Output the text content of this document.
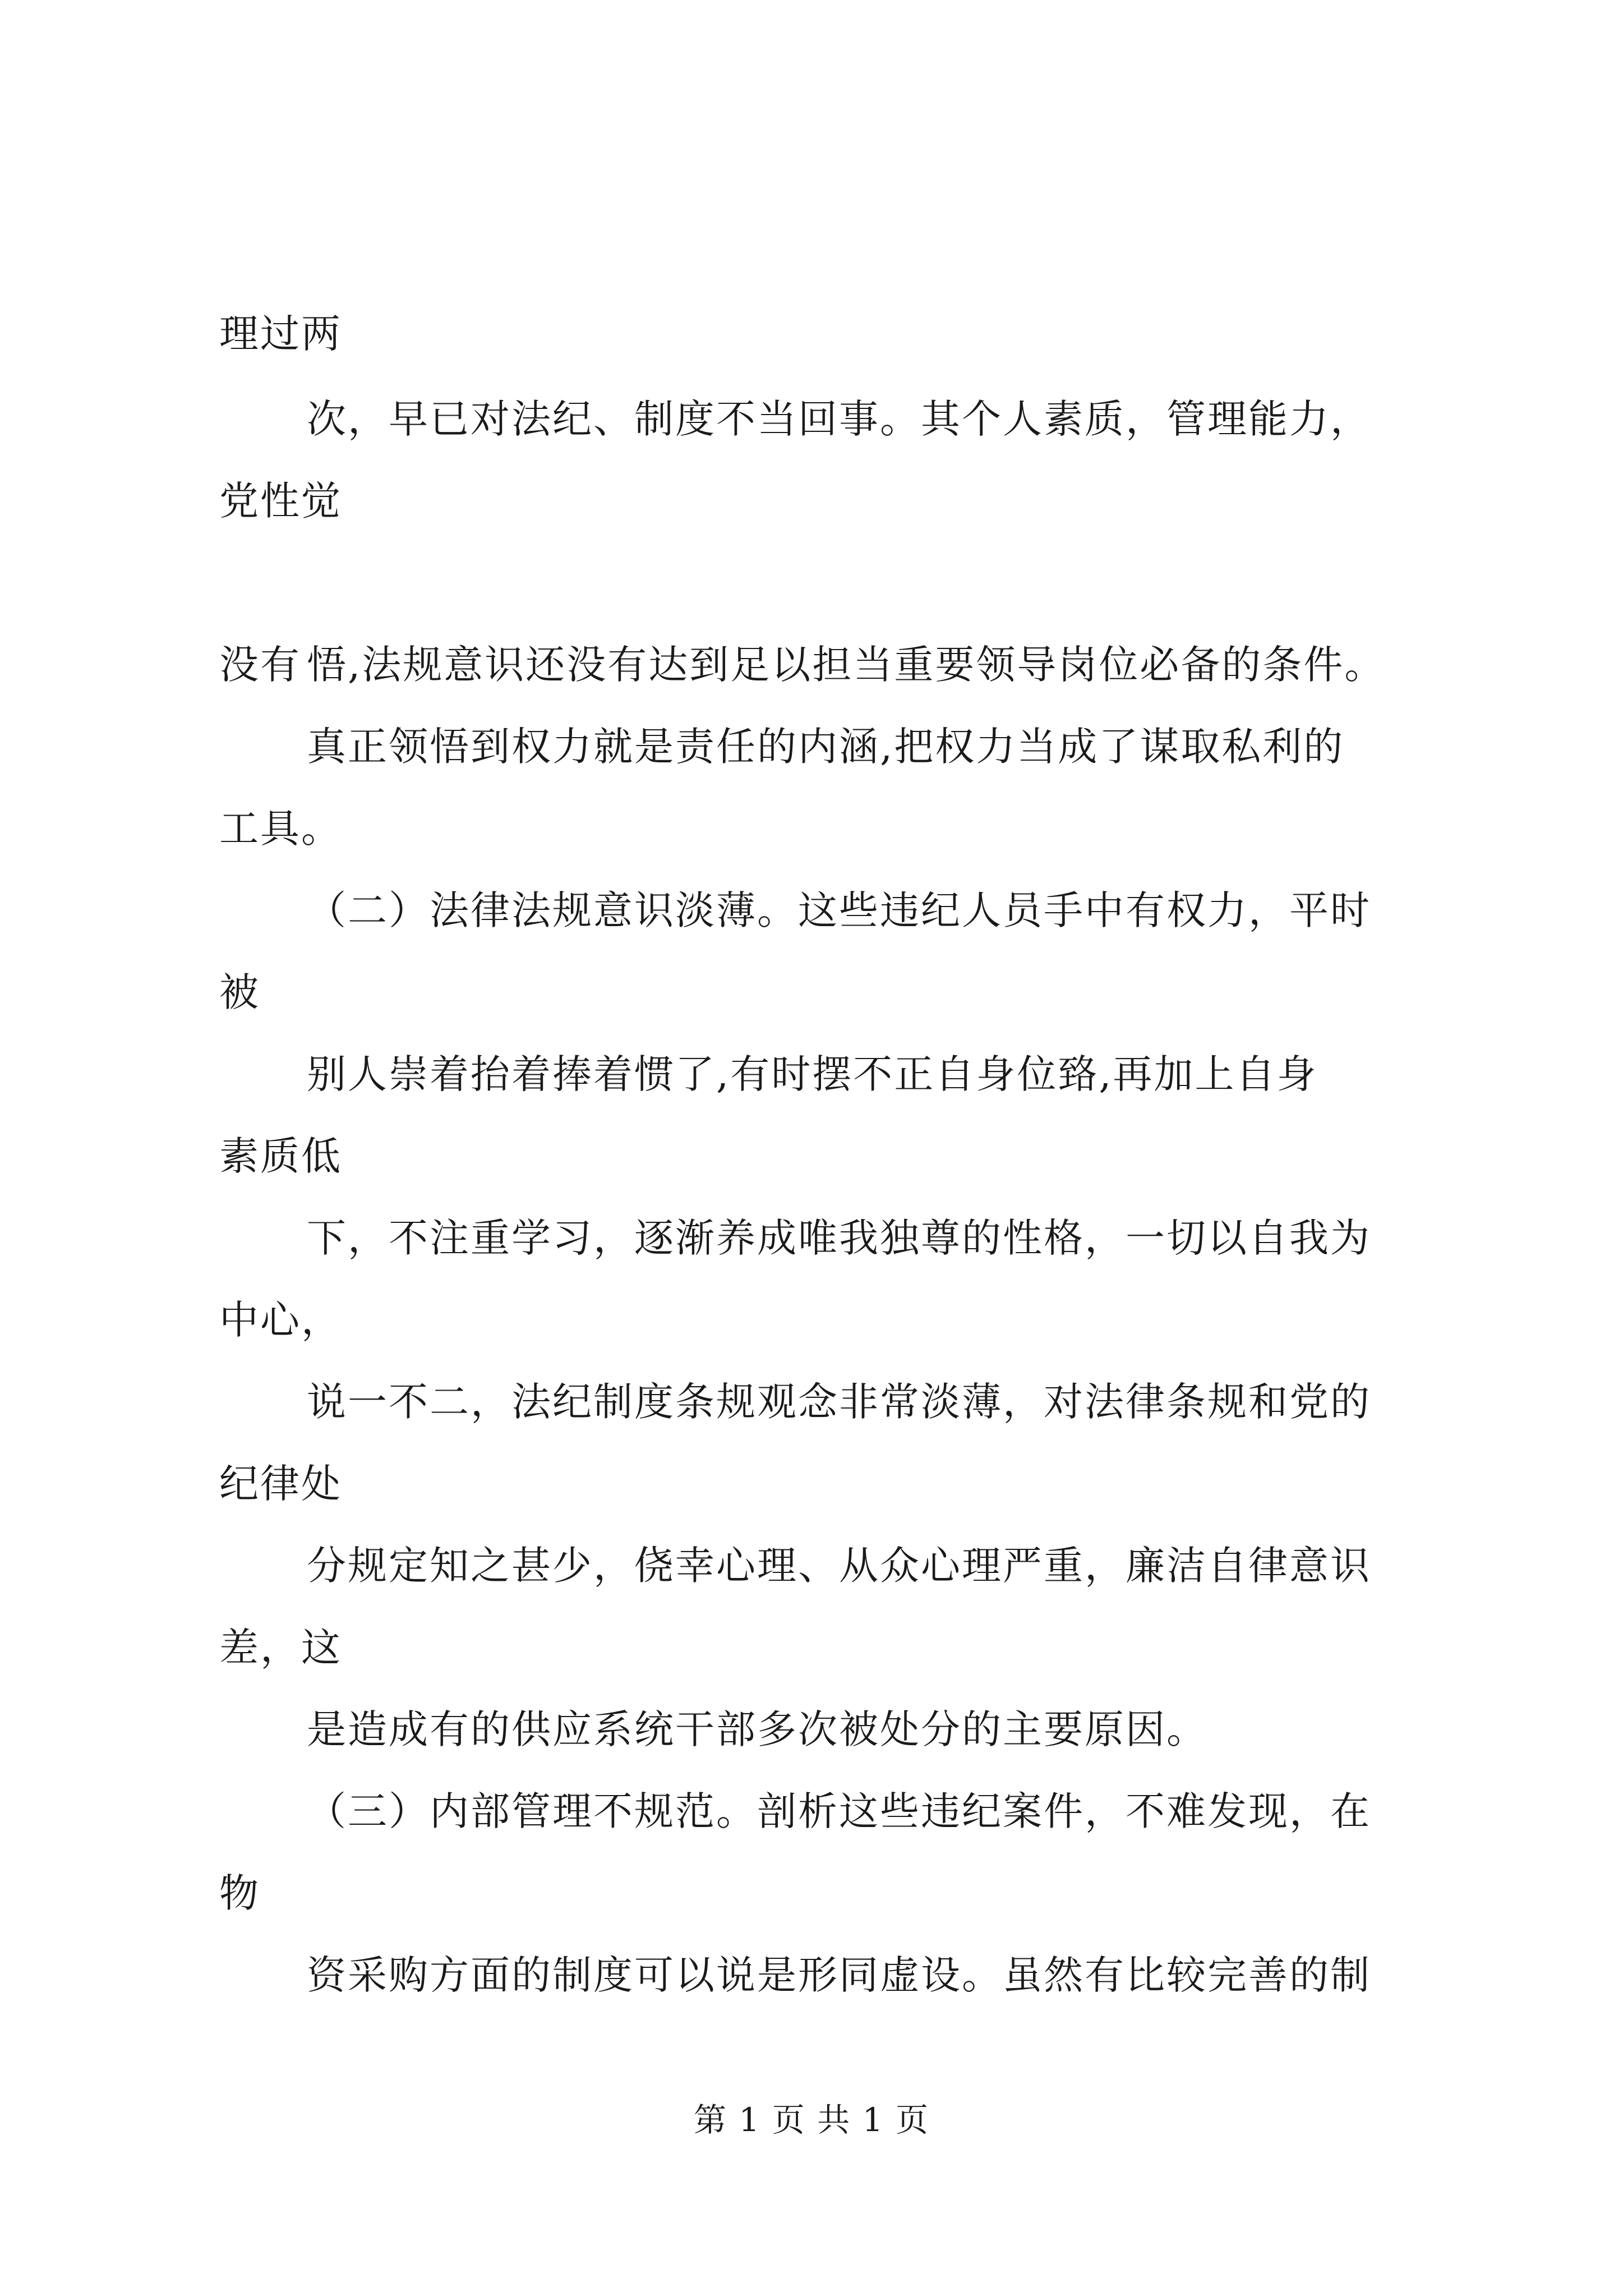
理过两
次，早已对法纪、制度不当回事。其个人素质，管理能力，
党性觉
悟,法规意识还没有达到足以担当重要领导岗位必备的条件。
没有
真正领悟到权力就是责任的内涵,把权力当成了谋取私利的
工具。
（二）法律法规意识淡薄。这些违纪人员手中有权力，平时
被
别人崇着抬着捧着惯了,有时摆不正自身位臵,再加上自身
素质低
下，不注重学习，逐渐养成唯我独尊的性格，一切以自我为
中心，
说一不二，法纪制度条规观念非常淡薄，对法律条规和党的
纪律处
分规定知之甚少，侥幸心理、从众心理严重，廉洁自律意识
差，这
是造成有的供应系统干部多次被处分的主要原因。
（三）内部管理不规范。剖析这些违纪案件，不难发现，在
物
资采购方面的制度可以说是形同虚设。虽然有比较完善的制
第 1 页 共 1 页
